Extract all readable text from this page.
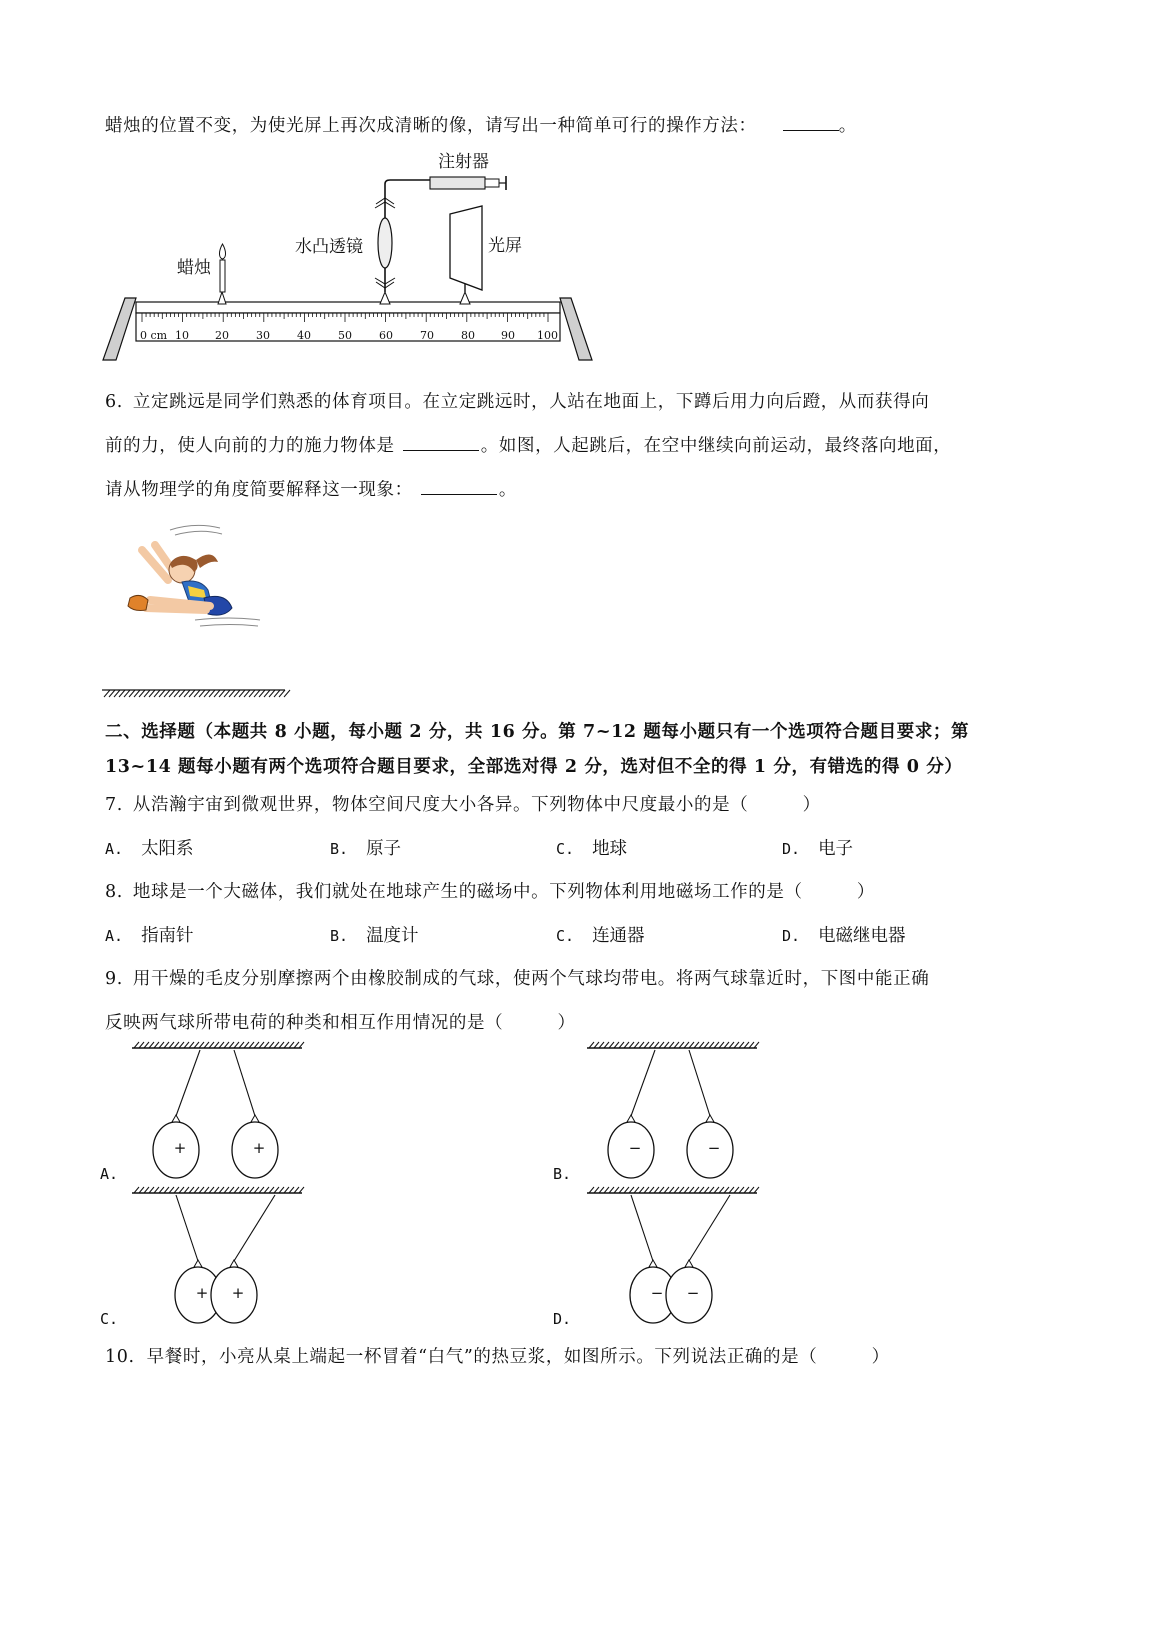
蜡烛的位置不变，为使光屏上再次成清晰的像，请写出一种简单可行的操作方法：	。
0 cm 10 20 30 40 50 60 70 80 90 100
注射器
水凸透镜	光屏
蜡烛
6. 立定跳远是同学们熟悉的体育项目。在立定跳远时，人站在地面上，下蹲后用力向后蹬，从而获得向
前的力，使人向前的力的施力物体是	。如图，人起跳后，在空中继续向前运动，最终落向地面，
请从物理学的角度简要解释这一现象：	。
二、选择题（本题共 8 小题，每小题 2 分，共 16 分。第 7~12 题每小题只有一个选项符合题目要求；第
13~14 题每小题有两个选项符合题目要求，全部选对得 2 分，选对但不全的得 1 分，有错选的得 0 分）
7. 从浩瀚宇宙到微观世界，物体空间尺度大小各异。下列物体中尺度最小的是（　　　）
A. 太阳系	B. 原子	C. 地球	D. 电子
8. 地球是一个大磁体，我们就处在地球产生的磁场中。下列物体利用地磁场工作的是（　　　）
A. 指南针	B. 温度计	C. 连通器	D. 电磁继电器
9. 用干燥的毛皮分别摩擦两个由橡胶制成的气球，使两个气球均带电。将两气球靠近时，下图中能正确
反映两气球所带电荷的种类和相互作用情况的是（　　　）
+	+
A.
−	−
B.
+ +
C.
− −
D.
10. 早餐时，小亮从桌上端起一杯冒着“白气”的热豆浆，如图所示。下列说法正确的是（　　　）
